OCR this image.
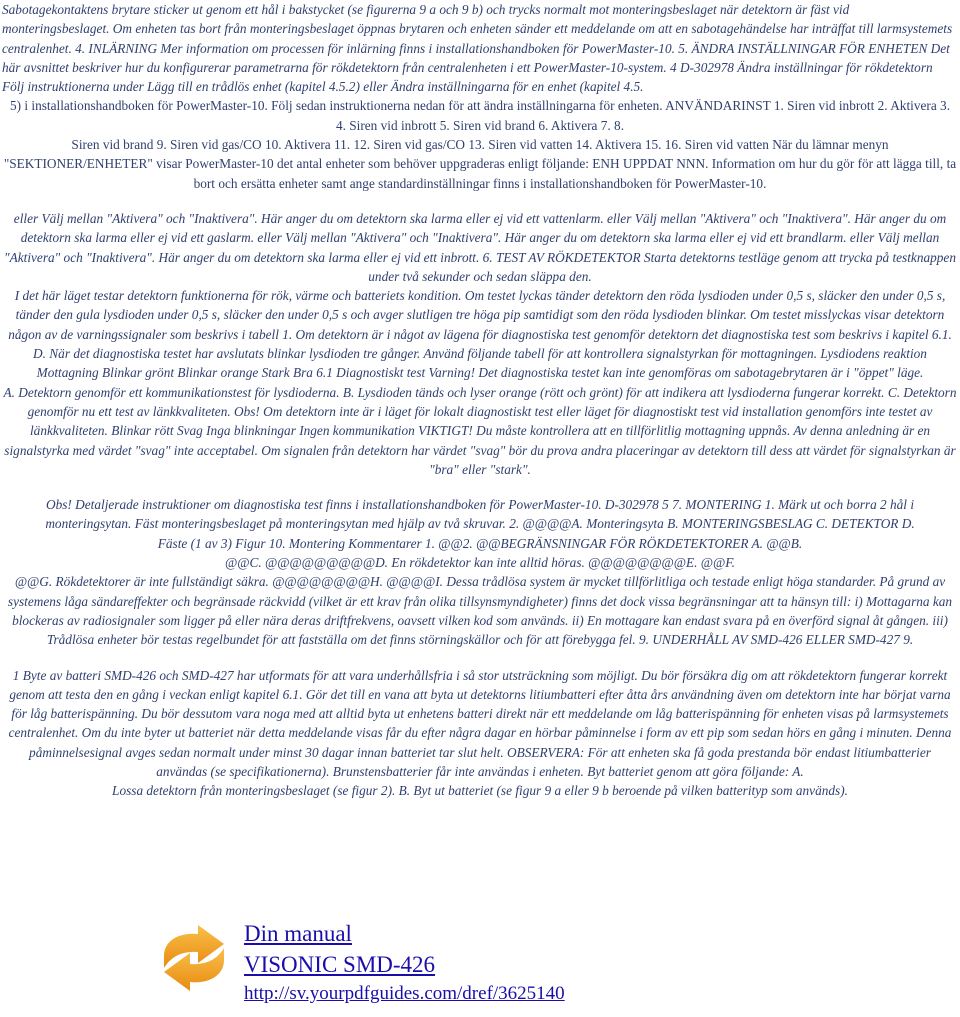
Sabotagekontaktens brytare sticker ut genom ett hål i bakstycket (se figurerna 9 a och 9 b) och trycks normalt mot monteringsbeslaget när detektorn är fäst vid monteringsbeslaget. Om enheten tas bort från monteringsbeslaget öppnas brytaren och enheten sänder ett meddelande om att en sabotagehändelse har inträffat till larmsystemets centralenhet. 4. INLÄRNING Mer information om processen för inlärning finns i installationshandboken för PowerMaster-10. 5. ÄNDRA INSTÄLLNINGAR FÖR ENHETEN Det här avsnittet beskriver hur du konfigurerar parametrarna för rökdetektorn från centralenheten i ett PowerMaster-10-system. 4 D-302978 Ändra inställningar för rökdetektorn Följ instruktionerna under Lägg till en trådlös enhet (kapitel 4.5.2) eller Ändra inställningarna för en enhet (kapitel 4.5.
5) i installationshandboken för PowerMaster-10. Följ sedan instruktionerna nedan för att ändra inställningarna för enheten. ANVÄNDARINST 1. Siren vid inbrott 2. Aktivera 3.
4. Siren vid inbrott 5. Siren vid brand 6. Aktivera 7. 8.
Siren vid brand 9. Siren vid gas/CO 10. Aktivera 11. 12. Siren vid gas/CO 13. Siren vid vatten 14. Aktivera 15. 16. Siren vid vatten När du lämnar menyn "SEKTIONER/ENHETER" visar PowerMaster-10 det antal enheter som behöver uppgraderas enligt följande: ENH UPPDAT NNN. Information om hur du gör för att lägga till, ta bort och ersätta enheter samt ange standardinställningar finns i installationshandboken för PowerMaster-10.
eller Välj mellan "Aktivera" och "Inaktivera". Här anger du om detektorn ska larma eller ej vid ett vattenlarm. eller Välj mellan "Aktivera" och "Inaktivera". Här anger du om detektorn ska larma eller ej vid ett gaslarm. eller Välj mellan "Aktivera" och "Inaktivera". Här anger du om detektorn ska larma eller ej vid ett brandlarm. eller Välj mellan "Aktivera" och "Inaktivera". Här anger du om detektorn ska larma eller ej vid ett inbrott. 6. TEST AV RÖKDETEKTOR Starta detektorns testläge genom att trycka på testknappen under två sekunder och sedan släppa den.
I det här läget testar detektorn funktionerna för rök, värme och batteriets kondition. Om testet lyckas tänder detektorn den röda lysdioden under 0,5 s, släcker den under 0,5 s, tänder den gula lysdioden under 0,5 s, släcker den under 0,5 s och avger slutligen tre höga pip samtidigt som den röda lysdioden blinkar. Om testet misslyckas visar detektorn någon av de varningssignaler som beskrivs i tabell 1. Om detektorn är i något av lägena för diagnostiska test genomför detektorn det diagnostiska test som beskrivs i kapitel 6.1.
D. När det diagnostiska testet har avslutats blinkar lysdioden tre gånger. Använd följande tabell för att kontrollera signalstyrkan för mottagningen. Lysdiodens reaktion Mottagning Blinkar grönt Blinkar orange Stark Bra 6.1 Diagnostiskt test Varning! Det diagnostiska testet kan inte genomföras om sabotagebrytaren är i "öppet" läge.
A. Detektorn genomför ett kommunikationstest för lysdioderna. B. Lysdioden tänds och lyser orange (rött och grönt) för att indikera att lysdioderna fungerar korrekt. C. Detektorn genomför nu ett test av länkkvaliteten. Obs! Om detektorn inte är i läget för lokalt diagnostiskt test eller läget för diagnostiskt test vid installation genomförs inte testet av länkkvaliteten. Blinkar rött Svag Inga blinkningar Ingen kommunikation VIKTIGT! Du måste kontrollera att en tillförlitlig mottagning uppnås. Av denna anledning är en signalstyrka med värdet "svag" inte acceptabel. Om signalen från detektorn har värdet "svag" bör du prova andra placeringar av detektorn till dess att värdet för signalstyrkan är "bra" eller "stark".
Obs! Detaljerade instruktioner om diagnostiska test finns i installationshandboken för PowerMaster-10. D-302978 5 7. MONTERING 1. Märk ut och borra 2 hål i monteringsytan. Fäst monteringsbeslaget på monteringsytan med hjälp av två skruvar. 2. @@@@A. Monteringsyta B. MONTERINGSBESLAG C. DETEKTOR D.
Fäste (1 av 3) Figur 10. Montering Kommentarer 1. @@2. @@BEGRÄNSNINGAR FÖR RÖKDETEKTORER A. @@B.
@@C. @@@@@@@@@D. En rökdetektor kan inte alltid höras. @@@@@@@@E. @@F.
@@G. Rökdetektorer är inte fullständigt säkra. @@@@@@@@H. @@@@I. Dessa trådlösa system är mycket tillförlitliga och testade enligt höga standarder. På grund av systemens låga sändareffekter och begränsade räckvidd (vilket är ett krav från olika tillsynsmyndigheter) finns det dock vissa begränsningar att ta hänsyn till: i) Mottagarna kan blockeras av radiosignaler som ligger på eller nära deras driftfrekvens, oavsett vilken kod som används. ii) En mottagare kan endast svara på en överförd signal åt gången. iii) Trådlösa enheter bör testas regelbundet för att fastställa om det finns störningskällor och för att förebygga fel. 9. UNDERHÅLL AV SMD-426 ELLER SMD-427 9.
1 Byte av batteri SMD-426 och SMD-427 har utformats för att vara underhållsfria i så stor utsträckning som möjligt. Du bör försäkra dig om att rökdetektorn fungerar korrekt genom att testa den en gång i veckan enligt kapitel 6.1. Gör det till en vana att byta ut detektorns litiumbatteri efter åtta års användning även om detektorn inte har börjat varna för låg batterispänning. Du bör dessutom vara noga med att alltid byta ut enhetens batteri direkt när ett meddelande om låg batterispänning för enheten visas på larmsystemets centralenhet. Om du inte byter ut batteriet när detta meddelande visas får du efter några dagar en hörbar påminnelse i form av ett pip som sedan hörs en gång i minuten. Denna påminnelsesignal avges sedan normalt under minst 30 dagar innan batteriet tar slut helt. OBSERVERA: För att enheten ska få goda prestanda bör endast litiumbatterier användas (se specifikationerna). Brunstensbatterier får inte användas i enheten. Byt batteriet genom att göra följande: A.
Lossa detektorn från monteringsbeslaget (se figur 2). B. Byt ut batteriet (se figur 9 a eller 9 b beroende på vilken batterityp som används).
Din manual
VISONIC SMD-426
http://sv.yourpdfguides.com/dref/3625140
